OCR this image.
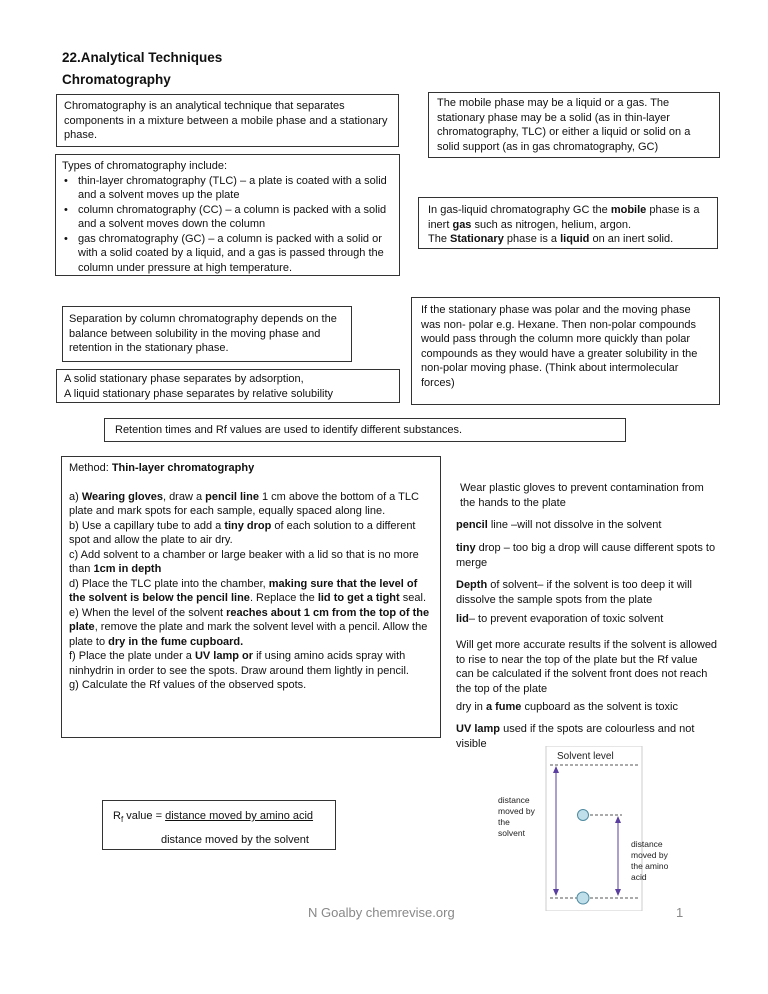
22.Analytical Techniques
Chromatography
Chromatography is an analytical technique that separates components in a mixture between a mobile phase and a stationary phase.
The mobile phase may be a liquid or a gas. The stationary phase may be a solid (as in thin-layer chromatography, TLC) or either a liquid or solid on a solid support (as in gas chromatography, GC)
Types of chromatography include:
• thin-layer chromatography (TLC) – a plate is coated with a solid and a solvent moves up the plate
• column chromatography (CC) – a column is packed with a solid and a solvent moves down the column
• gas chromatography (GC) – a column is packed with a solid or with a solid coated by a liquid, and a gas is passed through the column under pressure at high temperature.
In gas-liquid chromatography GC the mobile phase is a inert gas such as nitrogen, helium, argon.
The Stationary phase is a liquid on an inert solid.
Separation by column chromatography depends on the balance between solubility in the moving phase and retention in the stationary phase.
If the stationary phase was polar and the moving phase was non- polar e.g. Hexane. Then non-polar compounds would pass through the column more quickly than polar compounds as they would have a greater solubility in the non-polar moving phase. (Think about intermolecular forces)
A solid stationary phase separates by adsorption,
A liquid stationary phase separates by relative solubility
Retention times and Rf values are used to identify different substances.
Method: Thin-layer chromatography
a) Wearing gloves, draw a pencil line 1 cm above the bottom of a TLC plate and mark spots for each sample, equally spaced along line.
b) Use a capillary tube to add a tiny drop of each solution to a different spot and allow the plate to air dry.
c) Add solvent to a chamber or large beaker with a lid so that is no more than 1cm in depth
d) Place the TLC plate into the chamber, making sure that the level of the solvent is below the pencil line. Replace the lid to get a tight seal.
e) When the level of the solvent reaches about 1 cm from the top of the plate, remove the plate and mark the solvent level with a pencil. Allow the plate to dry in the fume cupboard.
f) Place the plate under a UV lamp or if using amino acids spray with ninhydrin in order to see the spots. Draw around them lightly in pencil.
g) Calculate the Rf values of the observed spots.
Wear plastic gloves to prevent contamination from the hands to the plate
pencil line –will not dissolve in the solvent
tiny drop – too big a drop will cause different spots to merge
Depth of solvent– if the solvent is too deep it will dissolve the sample spots from the plate
lid– to prevent evaporation of toxic solvent
Will get more accurate results if the solvent is allowed to rise to near the top of the plate but the Rf value can be calculated if the solvent front does not reach the top of the plate
dry in a fume cupboard as the solvent is toxic
UV lamp used if the spots are colourless and not visible
$R_f$ value = distance moved by amino acid
distance moved by the solvent
Solvent level
distance moved by the solvent
distance moved by the amino acid
N Goalby chemrevise.org	1
